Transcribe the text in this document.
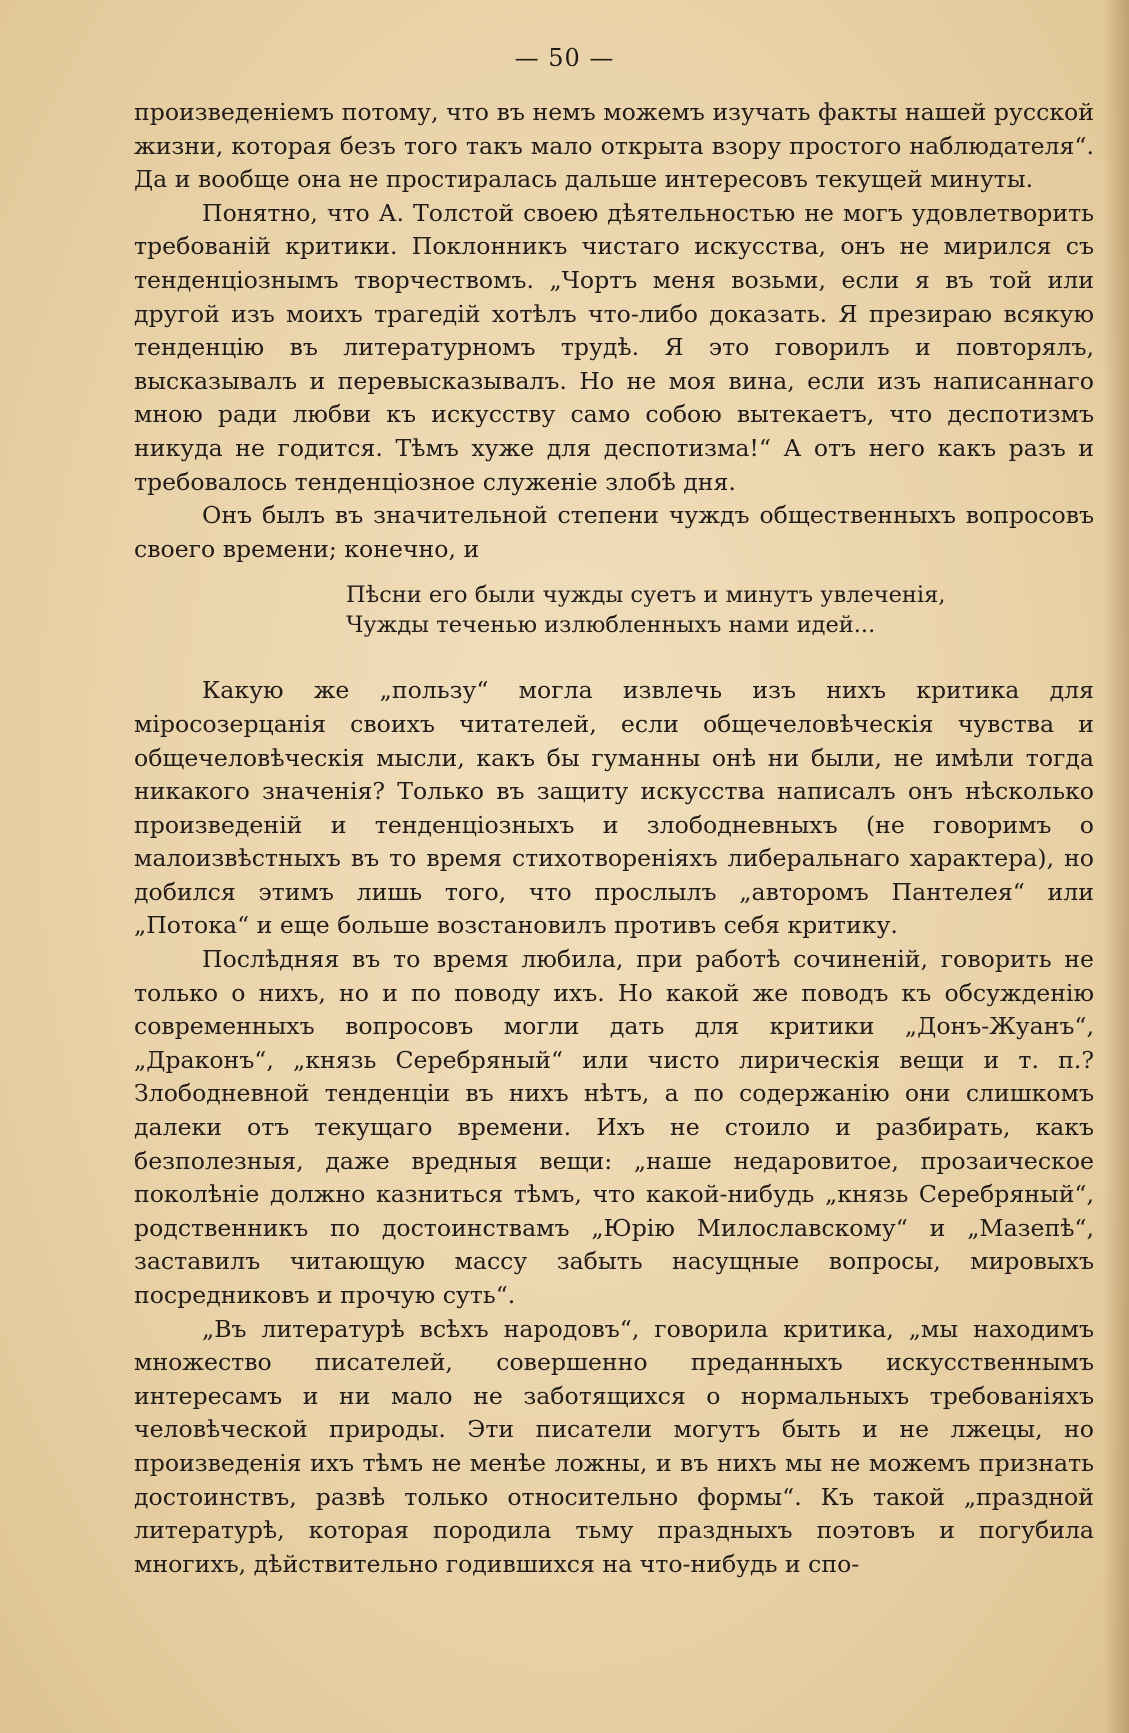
— 50 —

произведеніемъ потому, что въ немъ можемъ изучать факты нашей русской жизни, которая безъ того такъ мало открыта взору простого наблюдателя“. Да и вообще она не простиралась дальше интересовъ текущей минуты.

Понятно, что А. Толстой своею дѣятельностью не могъ удовлетворить требованій критики. Поклонникъ чистаго искусства, онъ не мирился съ тенденціознымъ творчествомъ. „Чортъ меня возьми, если я въ той или другой изъ моихъ трагедій хотѣлъ что-либо доказать. Я презираю всякую тенденцію въ литературномъ трудѣ. Я это говорилъ и повторялъ, высказывалъ и перевысказывалъ. Но не моя вина, если изъ написаннаго мною ради любви къ искусству само собою вытекаетъ, что деспотизмъ никуда не годится. Тѣмъ хуже для деспотизма!“ А отъ него какъ разъ и требовалось тенденціозное служеніе злобѣ дня.

Онъ былъ въ значительной степени чуждъ общественныхъ вопросовъ своего времени; конечно, и

Пѣсни его были чужды суетъ и минутъ увлеченія,
Чужды теченью излюбленныхъ нами идей...

Какую же „пользу“ могла извлечь изъ нихъ критика для міросозерцанія своихъ читателей, если общечеловѣческія чувства и общечеловѣческія мысли, какъ бы гуманны онѣ ни были, не имѣли тогда никакого значенія? Только въ защиту искусства написалъ онъ нѣсколько произведеній и тенденціозныхъ и злободневныхъ (не говоримъ о малоизвѣстныхъ въ то время стихотвореніяхъ либеральнаго характера), но добился этимъ лишь того, что прослылъ „авторомъ Пантелея“ или „Потока“ и еще больше возстановилъ противъ себя критику.

Послѣдняя въ то время любила, при работѣ сочиненій, говорить не только о нихъ, но и по поводу ихъ. Но какой же поводъ къ обсужденію современныхъ вопросовъ могли дать для критики „Донъ-Жуанъ“, „Драконъ“, „князь Серебряный“ или чисто лирическія вещи и т. п.? Злободневной тенденціи въ нихъ нѣтъ, а по содержанію они слишкомъ далеки отъ текущаго времени. Ихъ не стоило и разбирать, какъ безполезныя, даже вредныя вещи: „наше недаровитое, прозаическое поколѣніе должно казниться тѣмъ, что какой-нибудь „князь Серебряный“, родственникъ по достоинствамъ „Юрію Милославскому“ и „Мазепѣ“, заставилъ читающую массу забыть насущные вопросы, мировыхъ посредниковъ и прочую суть“.

„Въ литературѣ всѣхъ народовъ“, говорила критика, „мы находимъ множество писателей, совершенно преданныхъ искусственнымъ интересамъ и ни мало не заботящихся о нормальныхъ требованіяхъ человѣческой природы. Эти писатели могутъ быть и не лжецы, но произведенія ихъ тѣмъ не менѣе ложны, и въ нихъ мы не можемъ признать достоинствъ, развѣ только относительно формы“. Къ такой „праздной литературѣ, которая породила тьму праздныхъ поэтовъ и погубила многихъ, дѣйствительно годившихся на что-нибудь и спо-
